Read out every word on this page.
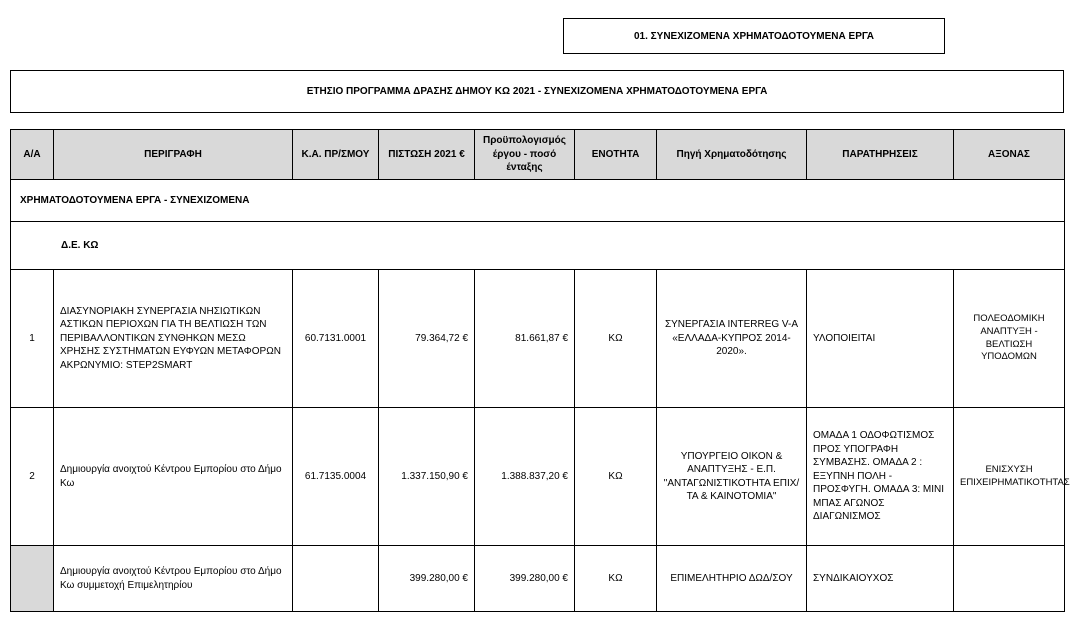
01. ΣΥΝΕΧΙΖΟΜΕΝΑ ΧΡΗΜΑΤΟΔΟΤΟΥΜΕΝΑ ΕΡΓΑ
ΕΤΗΣΙΟ ΠΡΟΓΡΑΜΜΑ ΔΡΑΣΗΣ ΔΗΜΟΥ ΚΩ 2021 - ΣΥΝΕΧΙΖΟΜΕΝΑ ΧΡΗΜΑΤΟΔΟΤΟΥΜΕΝΑ ΕΡΓΑ
Α/Α	ΠΕΡΙΓΡΑΦΗ	Κ.Α. ΠΡ/ΣΜΟΥ	ΠΙΣΤΩΣΗ 2021 €	Προϋπολογισμός έργου - ποσό ένταξης	ΕΝΟΤΗΤΑ	Πηγή Χρηματοδότησης	ΠΑΡΑΤΗΡΗΣΕΙΣ	ΑΞΟΝΑΣ
ΧΡΗΜΑΤΟΔΟΤΟΥΜΕΝΑ ΕΡΓΑ - ΣΥΝΕΧΙΖΟΜΕΝΑ								
Δ.Ε. ΚΩ								
1	ΔΙΑΣΥΝΟΡΙΑΚΗ ΣΥΝΕΡΓΑΣΙΑ ΝΗΣΙΩΤΙΚΩΝ ΑΣΤΙΚΩΝ ΠΕΡΙΟΧΩΝ ΓΙΑ ΤΗ ΒΕΛΤΙΩΣΗ ΤΩΝ ΠΕΡΙΒΑΛΛΟΝΤΙΚΩΝ ΣΥΝΘΗΚΩΝ ΜΕΣΩ ΧΡΗΣΗΣ ΣΥΣΤΗΜΑΤΩΝ ΕΥΦΥΩΝ ΜΕΤΑΦΟΡΩΝ ΑΚΡΩΝΥΜΙΟ: STEP2SMART	60.7131.0001	79.364,72 €	81.661,87 €	ΚΩ	ΣΥΝΕΡΓΑΣΙΑ INTERREG V-A «ΕΛΛΑΔΑ-ΚΥΠΡΟΣ 2014-2020».	ΥΛΟΠΟΙΕΙΤΑΙ	ΠΟΛΕΟΔΟΜΙΚΗ ΑΝΑΠΤΥΞΗ - ΒΕΛΤΙΩΣΗ ΥΠΟΔΟΜΩΝ
2	Δημιουργία ανοιχτού Κέντρου Εμπορίου στο Δήμο Κω	61.7135.0004	1.337.150,90 €	1.388.837,20 €	ΚΩ	ΥΠΟΥΡΓΕΙΟ ΟΙΚΟΝ & ΑΝΑΠΤΥΞΗΣ - Ε.Π. "ΑΝΤΑΓΩΝΙΣΤΙΚΟΤΗΤΑ ΕΠΙΧ/ΤΑ & ΚΑΙΝΟΤΟΜΙΑ"	ΟΜΑΔΑ 1 ΟΔΟΦΩΤΙΣΜΟΣ ΠΡΟΣ ΥΠΟΓΡΑΦΗ ΣΥΜΒΑΣΗΣ. ΟΜΑΔΑ 2 : ΕΞΥΠΝΗ ΠΟΛΗ - ΠΡΟΣΦΥΓΗ. ΟΜΑΔΑ 3: ΜΙΝΙ ΜΠΑΣ ΑΓΩΝΟΣ ΔΙΑΓΩΝΙΣΜΟΣ	ΕΝΙΣΧΥΣΗ ΕΠΙΧΕΙΡΗΜΑΤΙΚΟΤΗΤΑΣ
	Δημιουργία ανοιχτού Κέντρου Εμπορίου στο Δήμο Κω συμμετοχή Επιμελητηρίου		399.280,00 €	399.280,00 €	ΚΩ	ΕΠΙΜΕΛΗΤΗΡΙΟ ΔΩΔ/ΣΟΥ	ΣΥΝΔΙΚΑΙΟΥΧΟΣ	
